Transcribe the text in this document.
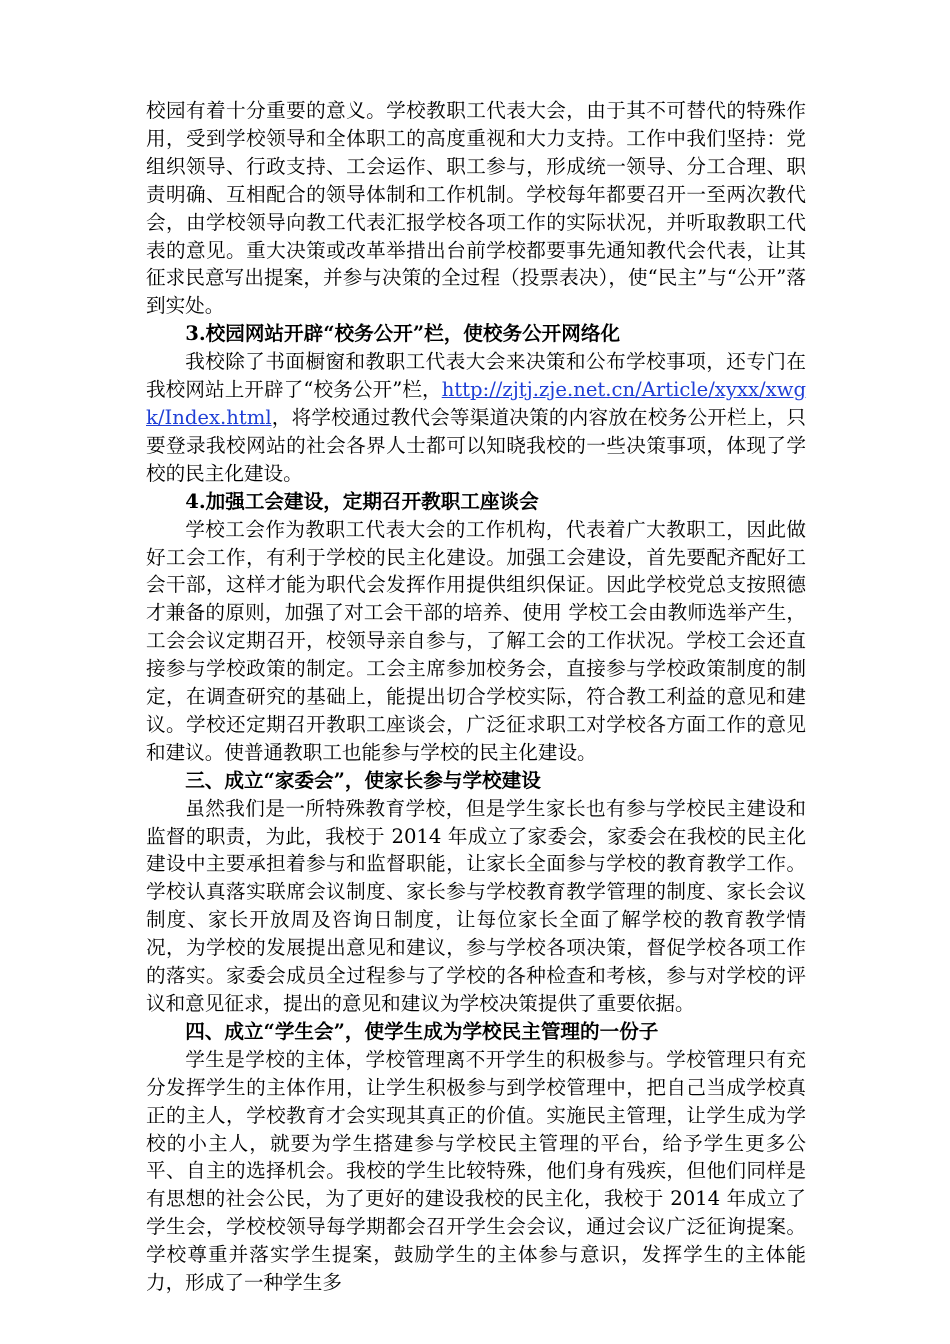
校园有着十分重要的意义。学校教职工代表大会，由于其不可替代的特殊作用，受到学校领导和全体职工的高度重视和大力支持。工作中我们坚持：党组织领导、行政支持、工会运作、职工参与，形成统一领导、分工合理、职责明确、互相配合的领导体制和工作机制。学校每年都要召开一至两次教代会，由学校领导向教工代表汇报学校各项工作的实际状况，并听取教职工代表的意见。重大决策或改革举措出台前学校都要事先通知教代会代表，让其征求民意写出提案，并参与决策的全过程（投票表决），使“民主”与“公开”落到实处。

3.校园网站开辟“校务公开”栏，使校务公开网络化

我校除了书面橱窗和教职工代表大会来决策和公布学校事项，还专门在我校网站上开辟了“校务公开”栏，http://zjtj.zje.net.cn/Article/xyxx/xwgk/Index.html，将学校通过教代会等渠道决策的内容放在校务公开栏上，只要登录我校网站的社会各界人士都可以知晓我校的一些决策事项，体现了学校的民主化建设。

4.加强工会建设，定期召开教职工座谈会

学校工会作为教职工代表大会的工作机构，代表着广大教职工，因此做好工会工作，有利于学校的民主化建设。加强工会建设，首先要配齐配好工会干部，这样才能为职代会发挥作用提供组织保证。因此学校党总支按照德才兼备的原则，加强了对工会干部的培养、使用 学校工会由教师选举产生，工会会议定期召开，校领导亲自参与，了解工会的工作状况。学校工会还直接参与学校政策的制定。工会主席参加校务会，直接参与学校政策制度的制定，在调查研究的基础上，能提出切合学校实际，符合教工利益的意见和建议。学校还定期召开教职工座谈会，广泛征求职工对学校各方面工作的意见和建议。使普通教职工也能参与学校的民主化建设。

三、成立“家委会”，使家长参与学校建设

虽然我们是一所特殊教育学校，但是学生家长也有参与学校民主建设和监督的职责，为此，我校于 2014 年成立了家委会，家委会在我校的民主化建设中主要承担着参与和监督职能，让家长全面参与学校的教育教学工作。学校认真落实联席会议制度、家长参与学校教育教学管理的制度、家长会议制度、家长开放周及咨询日制度，让每位家长全面了解学校的教育教学情况，为学校的发展提出意见和建议，参与学校各项决策，督促学校各项工作的落实。家委会成员全过程参与了学校的各种检查和考核，参与对学校的评议和意见征求，提出的意见和建议为学校决策提供了重要依据。

四、成立“学生会”，使学生成为学校民主管理的一份子

学生是学校的主体，学校管理离不开学生的积极参与。学校管理只有充分发挥学生的主体作用，让学生积极参与到学校管理中，把自己当成学校真正的主人，学校教育才会实现其真正的价值。实施民主管理，让学生成为学校的小主人，就要为学生搭建参与学校民主管理的平台，给予学生更多公平、自主的选择机会。我校的学生比较特殊，他们身有残疾，但他们同样是有思想的社会公民，为了更好的建设我校的民主化，我校于 2014 年成立了学生会，学校校领导每学期都会召开学生会会议，通过会议广泛征询提案。学校尊重并落实学生提案，鼓励学生的主体参与意识，发挥学生的主体能力，形成了一种学生多
